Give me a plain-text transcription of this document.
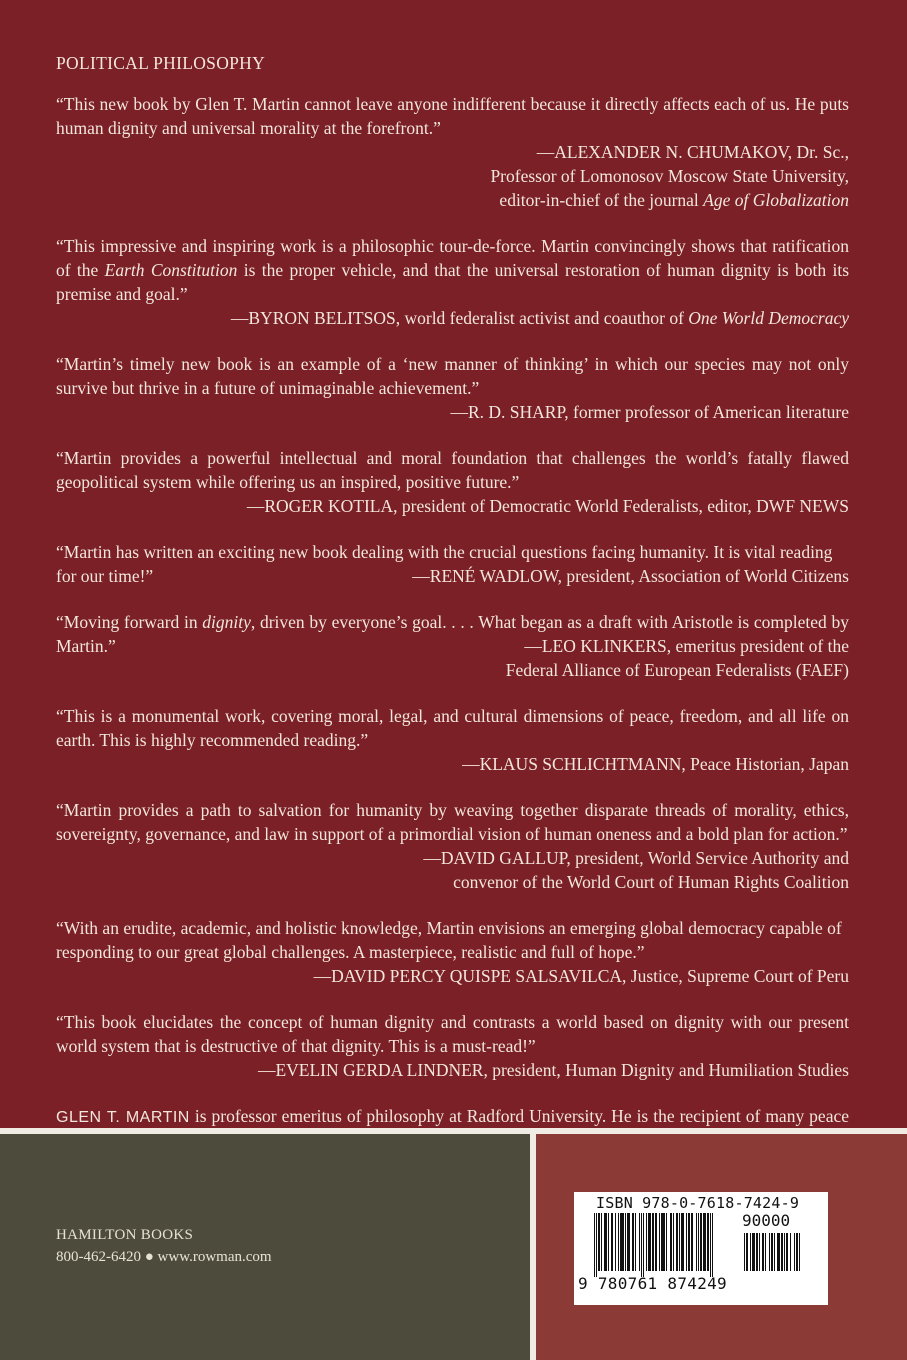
POLITICAL PHILOSOPHY

“This new book by Glen T. Martin cannot leave anyone indifferent because it directly affects each of us. He puts human dignity and universal morality at the forefront.”

—ALEXANDER N. CHUMAKOV, Dr. Sc.,

Professor of Lomonosov Moscow State University,

editor-in-chief of the journal Age of Globalization

“This impressive and inspiring work is a philosophic tour-de-force. Martin convincingly shows that ratification of the Earth Constitution is the proper vehicle, and that the universal restoration of human dignity is both its premise and goal.”

—BYRON BELITSOS, world federalist activist and coauthor of One World Democracy

“Martin’s timely new book is an example of a ‘new manner of thinking’ in which our species may not only survive but thrive in a future of unimaginable achievement.”

—R. D. SHARP, former professor of American literature

“Martin provides a powerful intellectual and moral foundation that challenges the world’s fatally flawed geopolitical system while offering us an inspired, positive future.”

—ROGER KOTILA, president of Democratic World Federalists, editor, DWF NEWS

“Martin has written an exciting new book dealing with the crucial questions facing humanity. It is vital reading for our time!”	—RENÉ WADLOW, president, Association of World Citizens

“Moving forward in dignity, driven by everyone’s goal. . . . What began as a draft with Aristotle is completed by Martin.”	—LEO KLINKERS, emeritus president of the

Federal Alliance of European Federalists (FAEF)

“This is a monumental work, covering moral, legal, and cultural dimensions of peace, freedom, and all life on earth. This is highly recommended reading.”

—KLAUS SCHLICHTMANN, Peace Historian, Japan

“Martin provides a path to salvation for humanity by weaving together disparate threads of morality, ethics, sovereignty, governance, and law in support of a primordial vision of human oneness and a bold plan for action.”

—DAVID GALLUP, president, World Service Authority and

convenor of the World Court of Human Rights Coalition

“With an erudite, academic, and holistic knowledge, Martin envisions an emerging global democracy capable of responding to our great global challenges. A masterpiece, realistic and full of hope.”
—DAVID PERCY QUISPE SALSAVILCA, Justice, Supreme Court of Peru

“This book elucidates the concept of human dignity and contrasts a world based on dignity with our present world system that is destructive of that dignity. This is a must-read!”

—EVELIN GERDA LINDNER, president, Human Dignity and Humiliation Studies

GLEN T. MARTIN is professor emeritus of philosophy at Radford University. He is the recipient of many peace

HAMILTON BOOKS
800-462-6420 ● www.rowman.com
ISBN 978-0-7618-7424-9
90000
9 780761 874249
